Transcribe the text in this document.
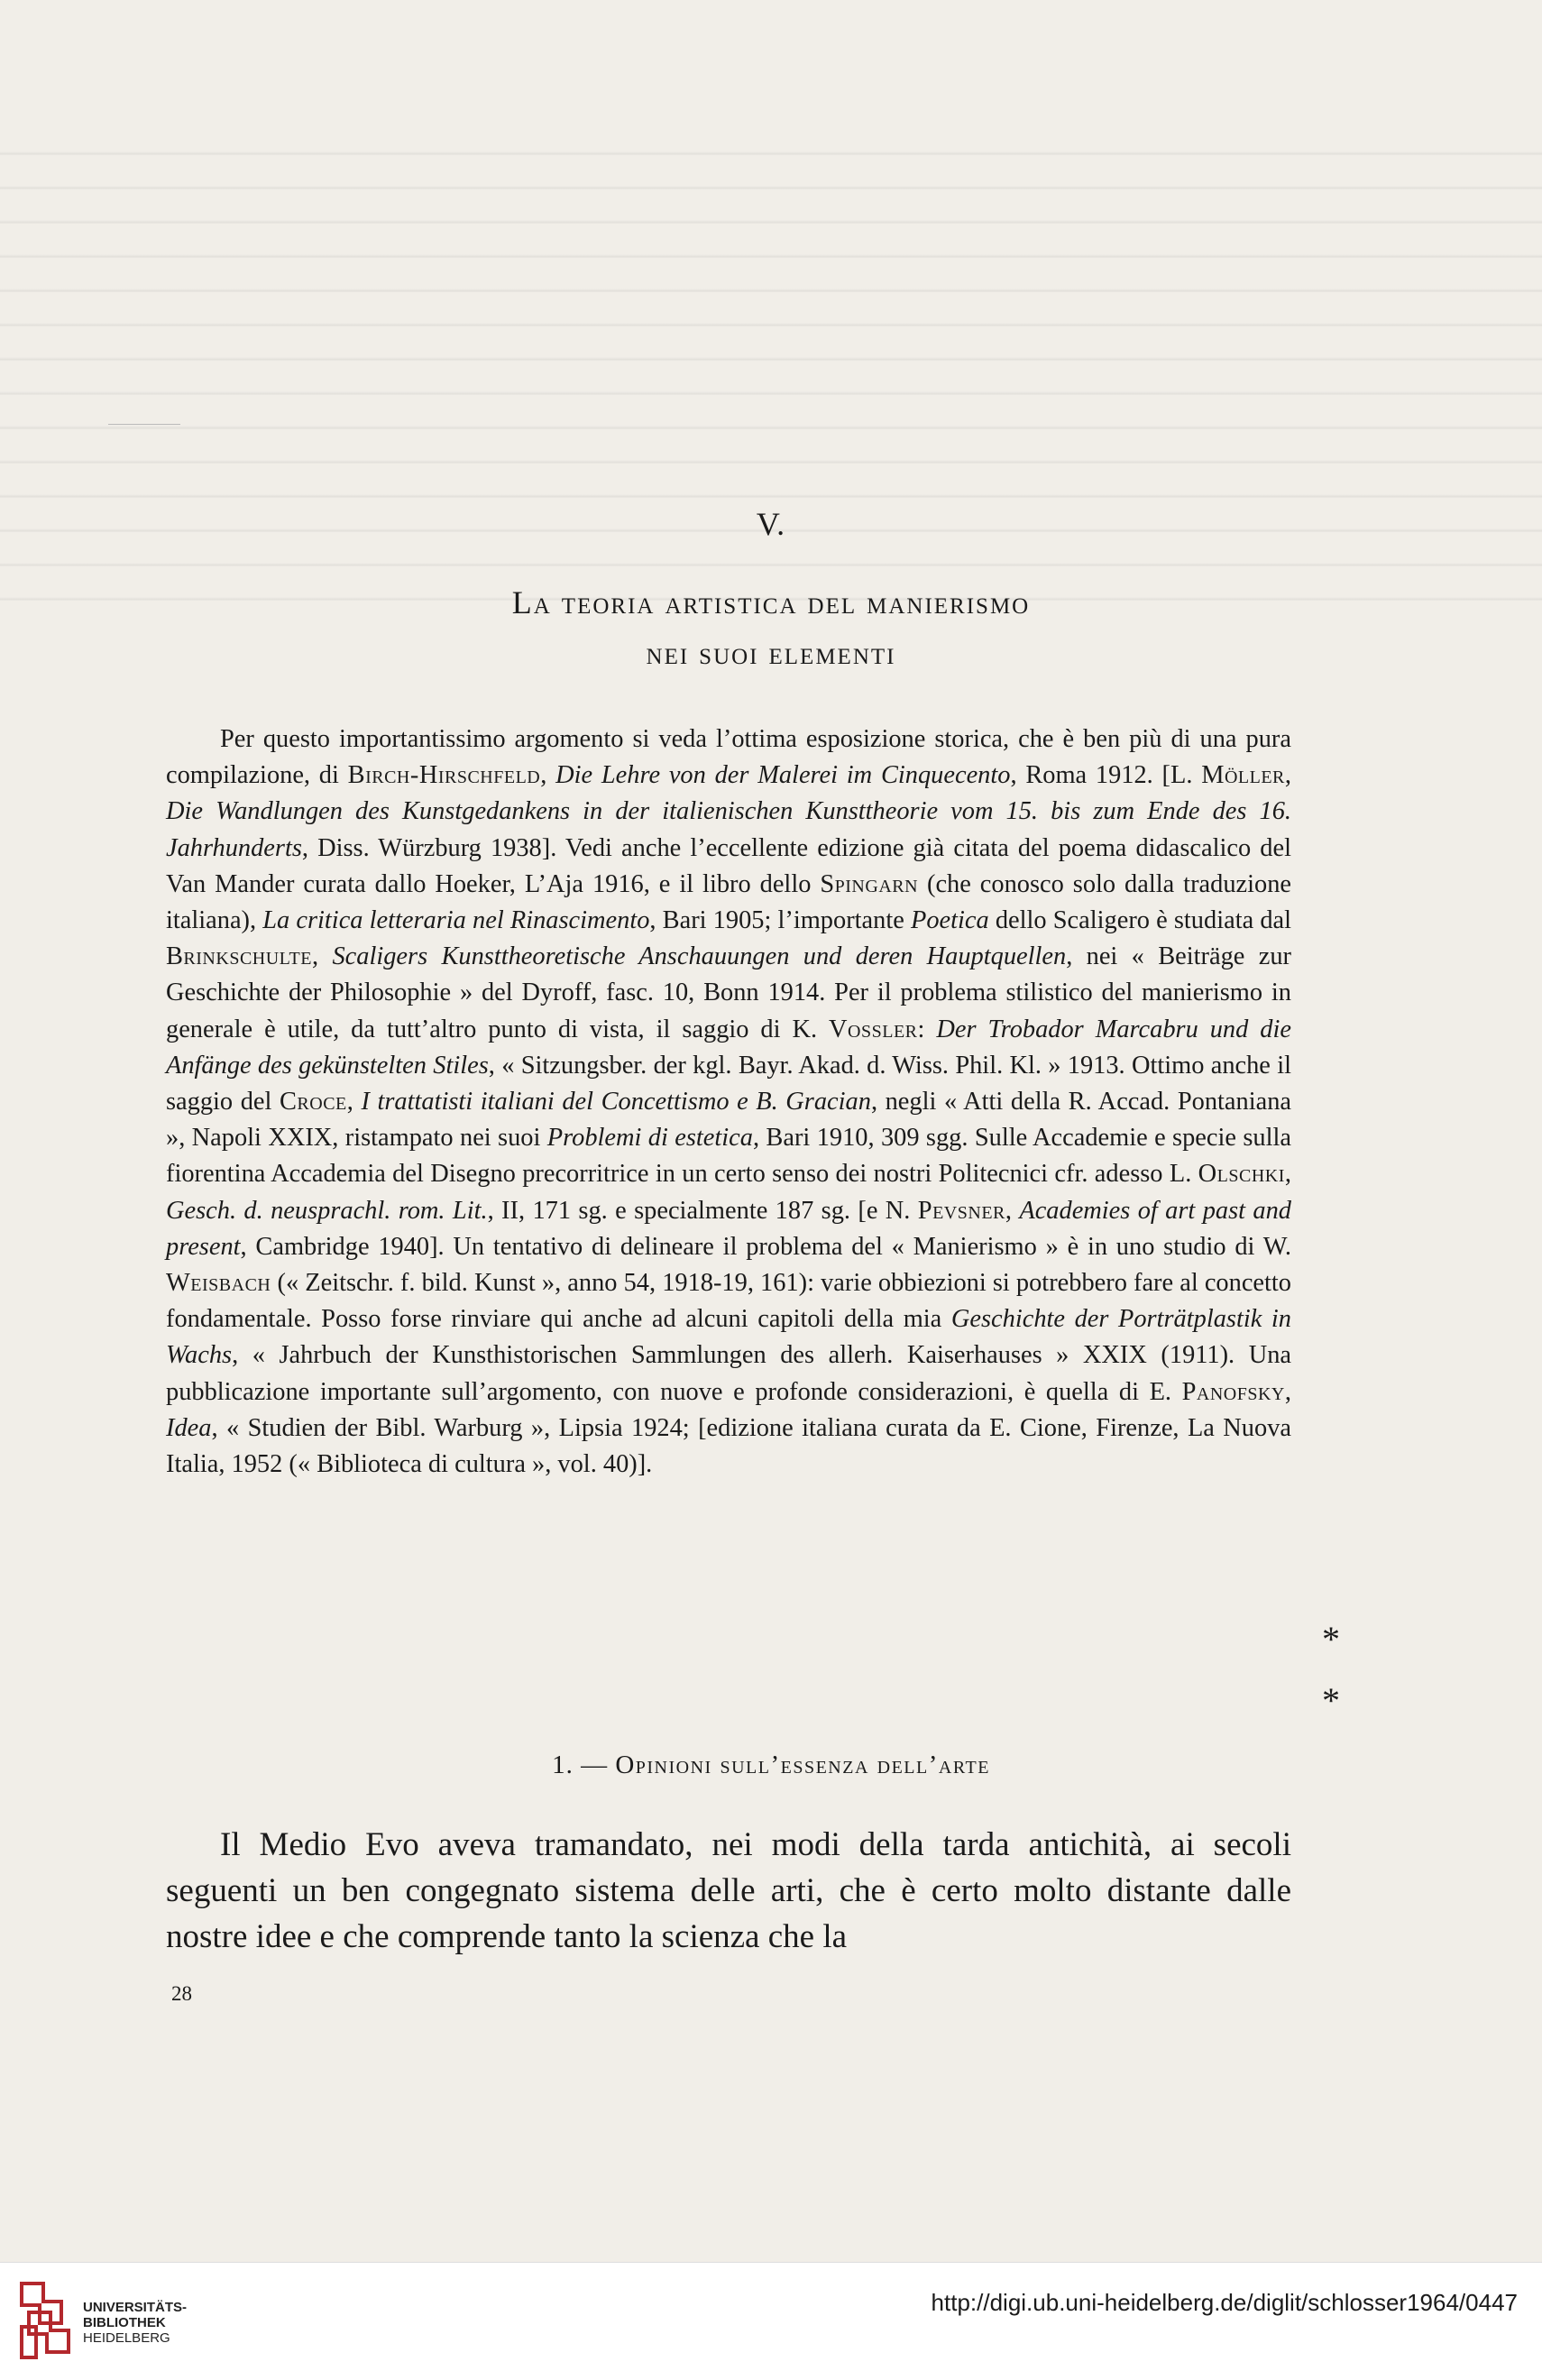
V.
La teoria artistica del manierismo
nei suoi elementi

Per questo importantissimo argomento si veda l’ottima esposizione storica, che è ben più di una pura compilazione, di Birch-Hirschfeld, Die Lehre von der Malerei im Cinquecento, Roma 1912. [L. Möller, Die Wandlungen des Kunstgedankens in der italienischen Kunsttheorie vom 15. bis zum Ende des 16. Jahrhunderts, Diss. Würzburg 1938]. Vedi anche l’eccellente edizione già citata del poema didascalico del Van Mander curata dallo Hoeker, L’Aja 1916, e il libro dello Spingarn (che conosco solo dalla traduzione italiana), La critica letteraria nel Rinascimento, Bari 1905; l’importante Poetica dello Scaligero è studiata dal Brinkschulte, Scaligers Kunsttheoretische Anschauungen und deren Hauptquellen, nei « Beiträge zur Geschichte der Philosophie » del Dyroff, fasc. 10, Bonn 1914. Per il problema stilistico del manierismo in generale è utile, da tutt’altro punto di vista, il saggio di K. Vossler: Der Trobador Marcabru und die Anfänge des gekünstelten Stiles, « Sitzungsber. der kgl. Bayr. Akad. d. Wiss. Phil. Kl. » 1913. Ottimo anche il saggio del Croce, I trattatisti italiani del Concettismo e B. Gracian, negli « Atti della R. Accad. Pontaniana », Napoli XXIX, ristampato nei suoi Problemi di estetica, Bari 1910, 309 sgg. Sulle Accademie e specie sulla fiorentina Accademia del Disegno precorritrice in un certo senso dei nostri Politecnici cfr. adesso L. Olschki, Gesch. d. neusprachl. rom. Lit., II, 171 sg. e specialmente 187 sg. [e N. Pevsner, Academies of art past and present, Cambridge 1940]. Un tentativo di delineare il problema del « Manierismo » è in uno studio di W. Weisbach (« Zeitschr. f. bild. Kunst », anno 54, 1918-19, 161): varie obbiezioni si potrebbero fare al concetto fondamentale. Posso forse rinviare qui anche ad alcuni capitoli della mia Geschichte der Porträtplastik in Wachs, « Jahrbuch der Kunsthistorischen Sammlungen des allerh. Kaiserhauses » XXIX (1911). Una pubblicazione importante sull’argomento, con nuove e profonde considerazioni, è quella di E. Panofsky, Idea, « Studien der Bibl. Warburg », Lipsia 1924; [edizione italiana curata da E. Cione, Firenze, La Nuova Italia, 1952 (« Biblioteca di cultura », vol. 40)].

*
*
1. — Opinioni sull’essenza dell’arte

Il Medio Evo aveva tramandato, nei modi della tarda antichità, ai secoli seguenti un ben congegnato sistema delle arti, che è certo molto distante dalle nostre idee e che comprende tanto la scienza che la

28
UNIVERSITÄTS-
BIBLIOTHEK
HEIDELBERG
http://digi.ub.uni-heidelberg.de/diglit/schlosser1964/0447
